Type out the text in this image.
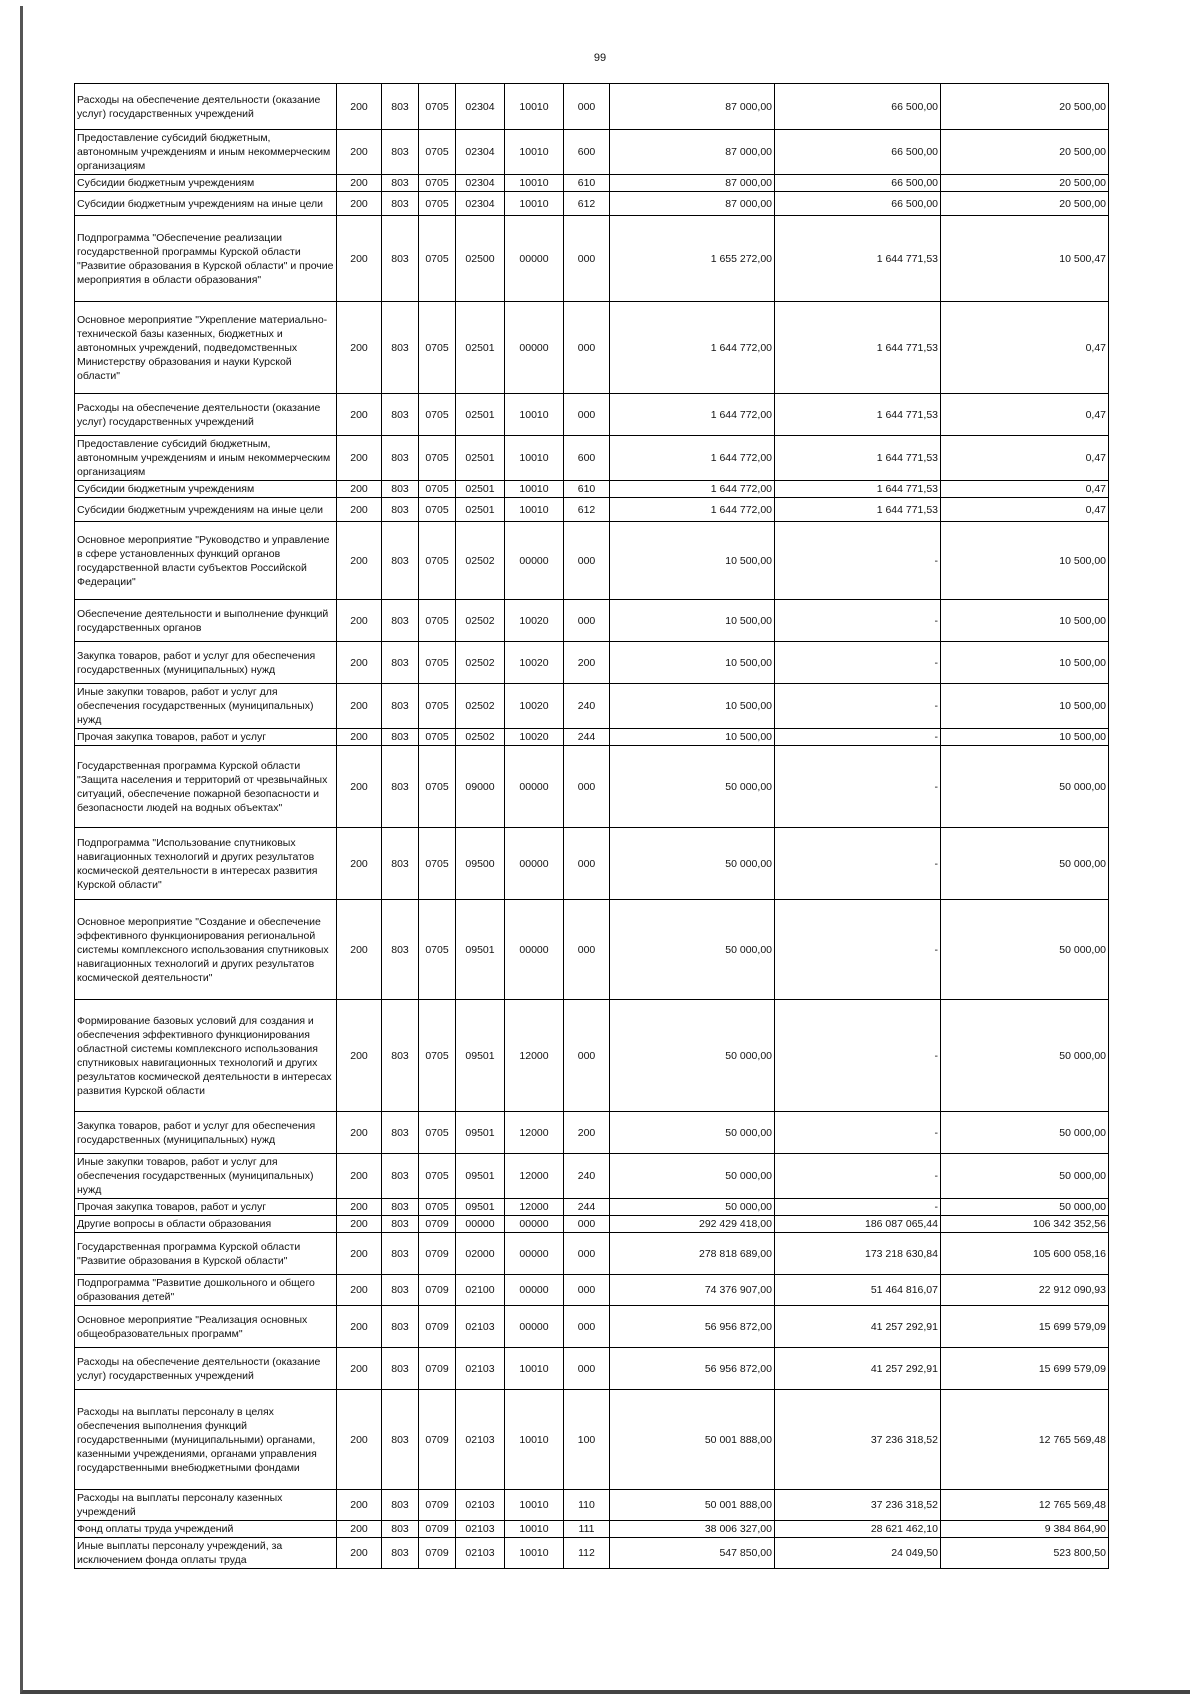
99
Расходы на обеспечение деятельности (оказание услуг) государственных учреждений	200	803	0705	02304	10010	000	87 000,00	66 500,00	20 500,00
Предоставление субсидий бюджетным, автономным учреждениям и иным некоммерческим организациям	200	803	0705	02304	10010	600	87 000,00	66 500,00	20 500,00
Субсидии бюджетным учреждениям	200	803	0705	02304	10010	610	87 000,00	66 500,00	20 500,00
Субсидии бюджетным учреждениям на иные цели	200	803	0705	02304	10010	612	87 000,00	66 500,00	20 500,00
Подпрограмма "Обеспечение реализации государственной программы Курской области "Развитие образования в Курской области" и прочие мероприятия в области образования"	200	803	0705	02500	00000	000	1 655 272,00	1 644 771,53	10 500,47
Основное мероприятие "Укрепление материально-технической базы казенных, бюджетных и автономных учреждений, подведомственных Министерству образования и науки Курской области"	200	803	0705	02501	00000	000	1 644 772,00	1 644 771,53	0,47
Расходы на обеспечение деятельности (оказание услуг) государственных учреждений	200	803	0705	02501	10010	000	1 644 772,00	1 644 771,53	0,47
Предоставление субсидий бюджетным, автономным учреждениям и иным некоммерческим организациям	200	803	0705	02501	10010	600	1 644 772,00	1 644 771,53	0,47
Субсидии бюджетным учреждениям	200	803	0705	02501	10010	610	1 644 772,00	1 644 771,53	0,47
Субсидии бюджетным учреждениям на иные цели	200	803	0705	02501	10010	612	1 644 772,00	1 644 771,53	0,47
Основное мероприятие "Руководство и управление в сфере установленных функций органов государственной власти субъектов Российской Федерации"	200	803	0705	02502	00000	000	10 500,00	-	10 500,00
Обеспечение деятельности и выполнение функций государственных органов	200	803	0705	02502	10020	000	10 500,00	-	10 500,00
Закупка товаров, работ и услуг для обеспечения государственных (муниципальных) нужд	200	803	0705	02502	10020	200	10 500,00	-	10 500,00
Иные закупки товаров, работ и услуг для обеспечения государственных (муниципальных) нужд	200	803	0705	02502	10020	240	10 500,00	-	10 500,00
Прочая закупка товаров, работ и услуг	200	803	0705	02502	10020	244	10 500,00	-	10 500,00
Государственная программа Курской области "Защита населения и территорий от чрезвычайных ситуаций, обеспечение пожарной безопасности и безопасности людей на водных объектах"	200	803	0705	09000	00000	000	50 000,00	-	50 000,00
Подпрограмма "Использование спутниковых навигационных технологий и других результатов космической деятельности в интересах развития Курской области"	200	803	0705	09500	00000	000	50 000,00	-	50 000,00
Основное мероприятие "Создание и обеспечение эффективного функционирования региональной системы комплексного использования спутниковых навигационных технологий и других результатов космической деятельности"	200	803	0705	09501	00000	000	50 000,00	-	50 000,00
Формирование базовых условий для создания и обеспечения эффективного функционирования областной системы комплексного использования спутниковых навигационных технологий и других результатов космической деятельности в интересах развития Курской области	200	803	0705	09501	12000	000	50 000,00	-	50 000,00
Закупка товаров, работ и услуг для обеспечения государственных (муниципальных) нужд	200	803	0705	09501	12000	200	50 000,00	-	50 000,00
Иные закупки товаров, работ и услуг для обеспечения государственных (муниципальных) нужд	200	803	0705	09501	12000	240	50 000,00	-	50 000,00
Прочая закупка товаров, работ и услуг	200	803	0705	09501	12000	244	50 000,00	-	50 000,00
Другие вопросы в области образования	200	803	0709	00000	00000	000	292 429 418,00	186 087 065,44	106 342 352,56
Государственная программа Курской области "Развитие образования в Курской области"	200	803	0709	02000	00000	000	278 818 689,00	173 218 630,84	105 600 058,16
Подпрограмма "Развитие дошкольного и общего образования детей"	200	803	0709	02100	00000	000	74 376 907,00	51 464 816,07	22 912 090,93
Основное мероприятие "Реализация основных общеобразовательных программ"	200	803	0709	02103	00000	000	56 956 872,00	41 257 292,91	15 699 579,09
Расходы на обеспечение деятельности (оказание услуг) государственных учреждений	200	803	0709	02103	10010	000	56 956 872,00	41 257 292,91	15 699 579,09
Расходы на выплаты персоналу в целях обеспечения выполнения функций государственными (муниципальными) органами, казенными учреждениями, органами управления государственными внебюджетными фондами	200	803	0709	02103	10010	100	50 001 888,00	37 236 318,52	12 765 569,48
Расходы на выплаты персоналу казенных учреждений	200	803	0709	02103	10010	110	50 001 888,00	37 236 318,52	12 765 569,48
Фонд оплаты труда учреждений	200	803	0709	02103	10010	111	38 006 327,00	28 621 462,10	9 384 864,90
Иные выплаты персоналу учреждений, за исключением фонда оплаты труда	200	803	0709	02103	10010	112	547 850,00	24 049,50	523 800,50
